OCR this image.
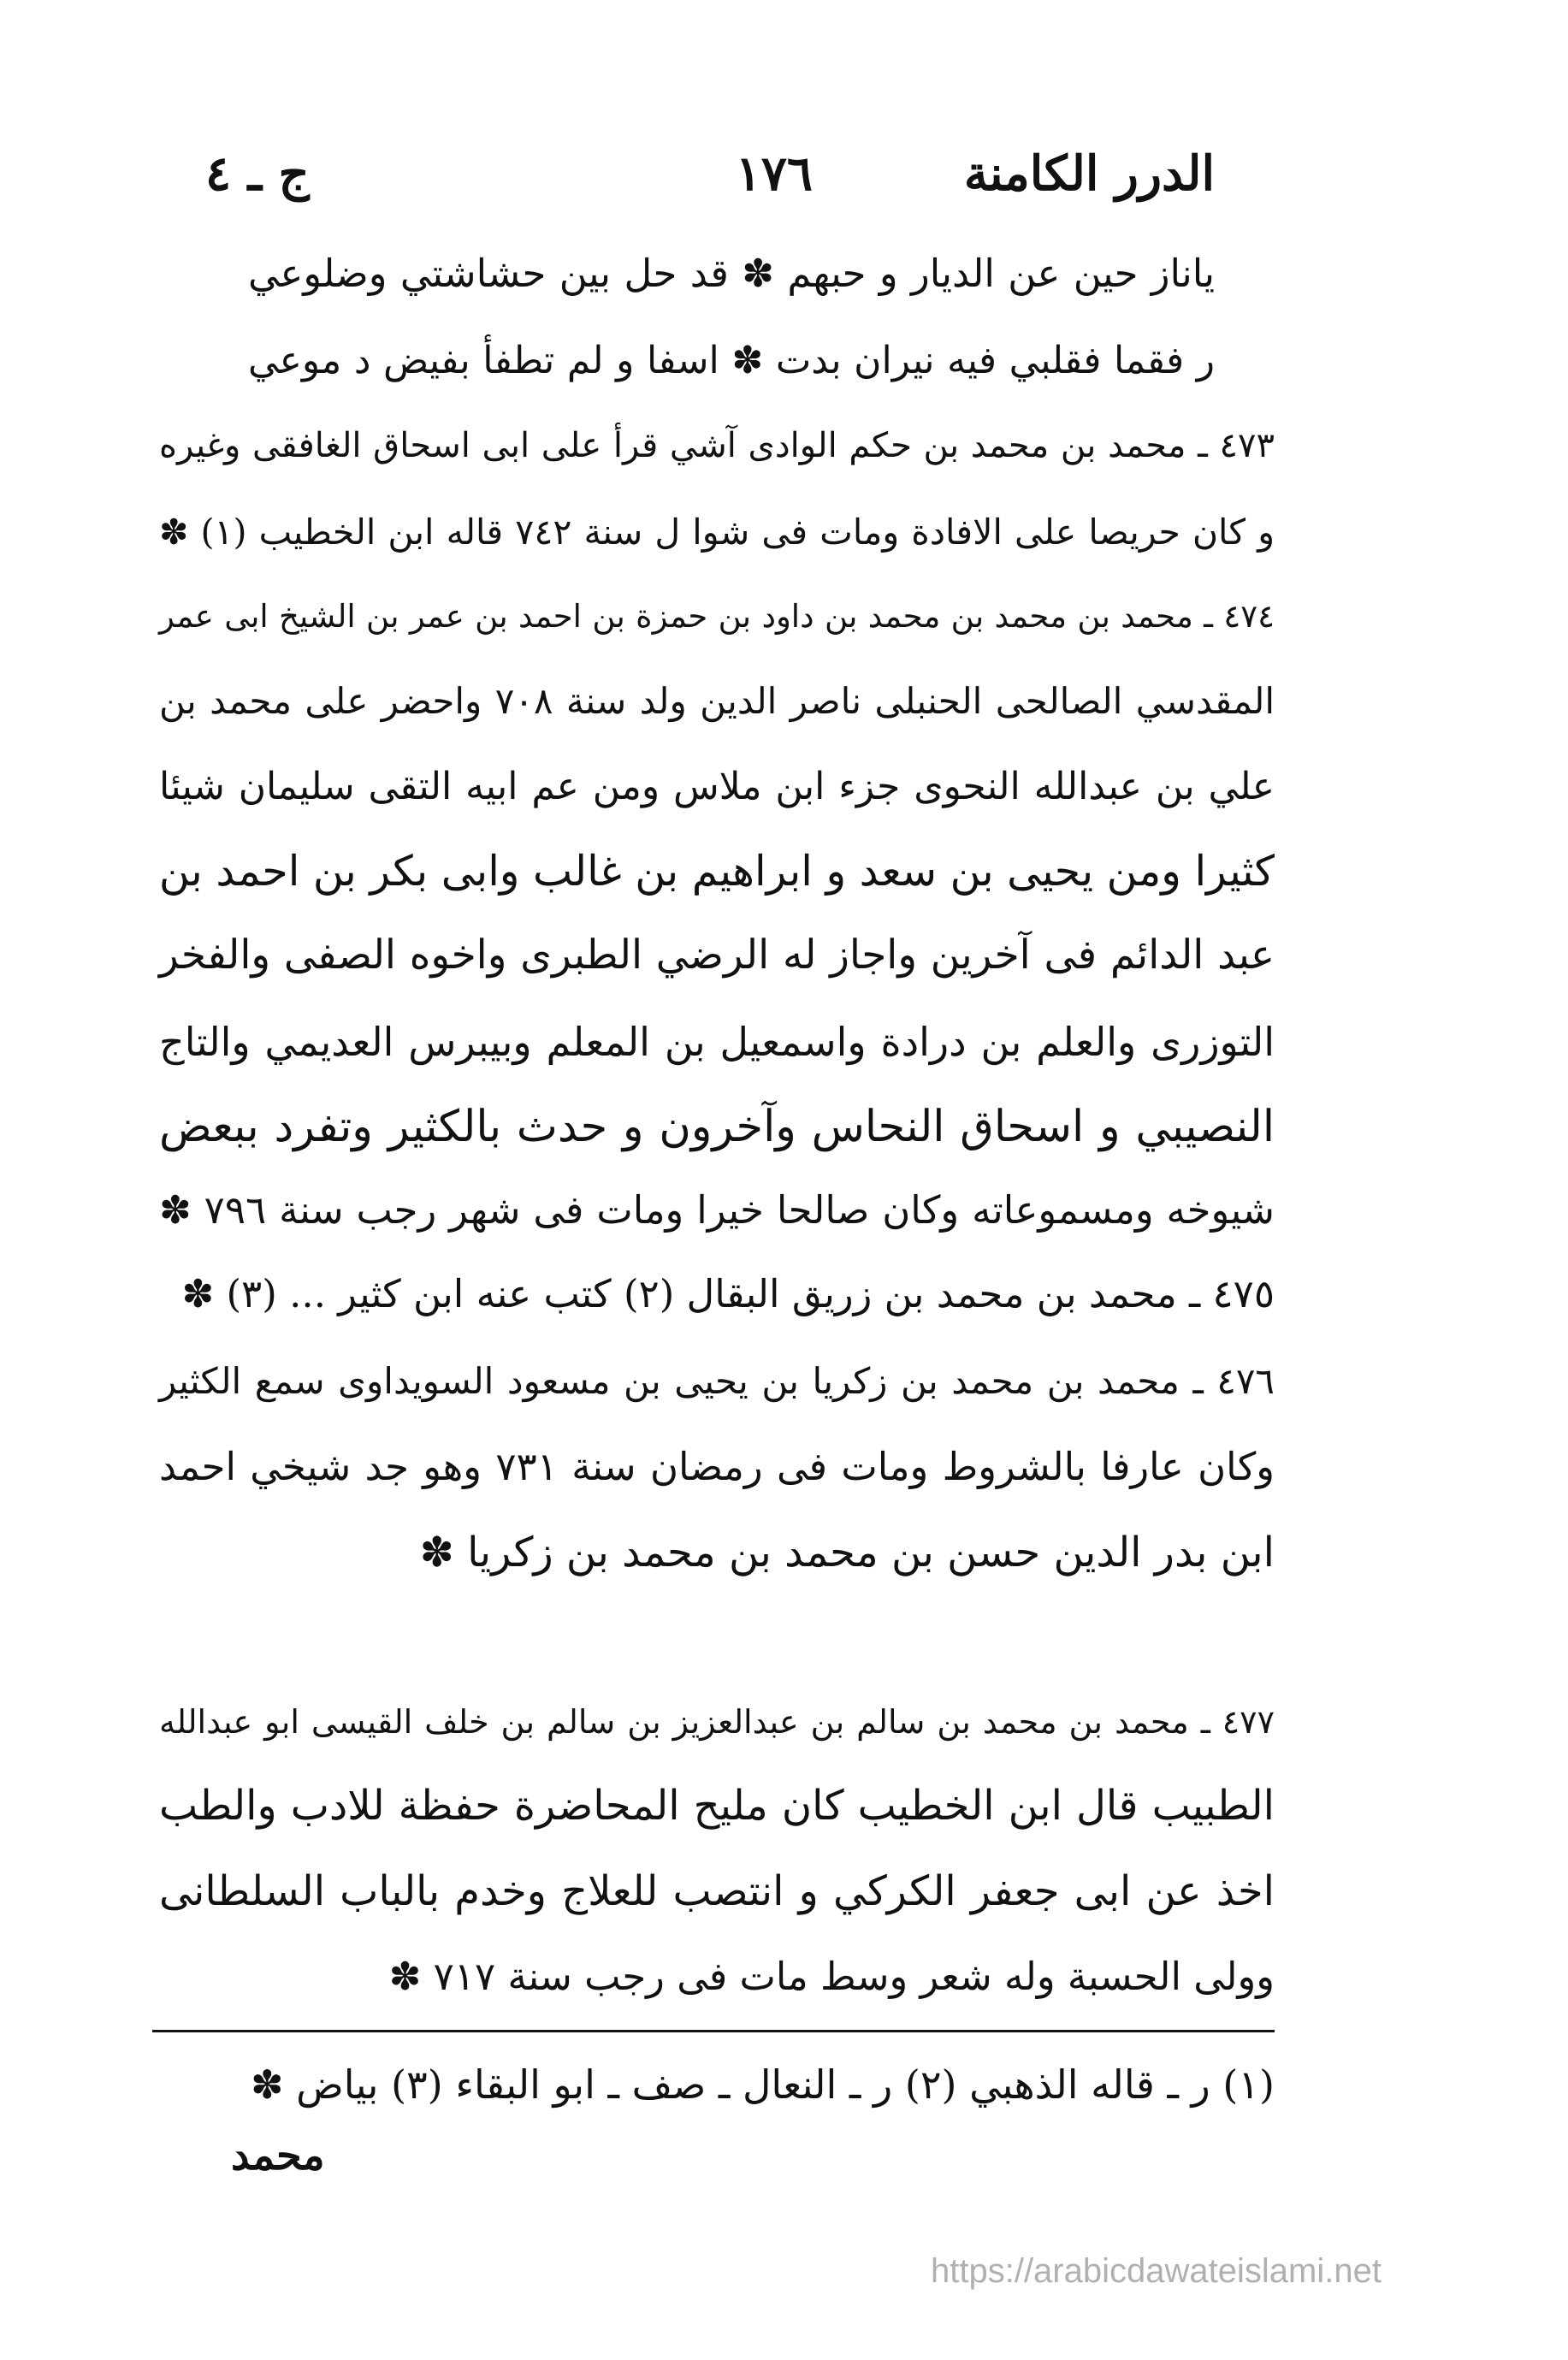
الدرر الكامنة
١٧٦
ج ـ ٤
ياناز حين عن الديار و حبهم ✽ قد حل بين حشاشتي وضلوعي
ر فقما فقلبي فيه نيران بدت ✽ اسفا و لم تطفأ بفيض د موعي
٤٧٣ ـ محمد بن محمد بن حكم الوادى آشي قرأ على ابى اسحاق الغافقى وغيره
و كان حريصا على الافادة ومات فى شوا ل سنة ٧٤٢ قاله ابن الخطيب (١) ✽
٤٧٤ ـ محمد بن محمد بن محمد بن داود بن حمزة بن احمد بن عمر بن الشيخ ابى عمر
المقدسي الصالحى الحنبلى ناصر الدين ولد سنة ٧٠٨ واحضر على محمد بن
علي بن عبدالله النحوى جزء ابن ملاس ومن عم ابيه التقى سليمان شيئا
كثيرا ومن يحيى بن سعد و ابراهيم بن غالب وابى بكر بن احمد بن
عبد الدائم فى آخرين واجاز له الرضي الطبرى واخوه الصفى والفخر
التوزرى والعلم بن درادة واسمعيل بن المعلم وبيبرس العديمي والتاج
النصيبي و اسحاق النحاس وآخرون و حدث بالكثير وتفرد ببعض
شيوخه ومسموعاته وكان صالحا خيرا ومات فى شهر رجب سنة ٧٩٦ ✽
٤٧٥ ـ محمد بن محمد بن زريق البقال (٢) كتب عنه ابن كثير ... (٣) ✽
٤٧٦ ـ محمد بن محمد بن زكريا بن يحيى بن مسعود السويداوى سمع الكثير
وكان عارفا بالشروط ومات فى رمضان سنة ٧٣١ وهو جد شيخي احمد
ابن بدر الدين حسن بن محمد بن محمد بن زكريا ✽
٤٧٧ ـ محمد بن محمد بن سالم بن عبدالعزيز بن سالم بن خلف القيسى ابو عبدالله
الطبيب قال ابن الخطيب كان مليح المحاضرة حفظة للادب والطب
اخذ عن ابى جعفر الكركي و انتصب للعلاج وخدم بالباب السلطانى
وولى الحسبة وله شعر وسط مات فى رجب سنة ٧١٧ ✽
(١) ر ـ قاله الذهبي (٢) ر ـ النعال ـ صف ـ ابو البقاء (٣) بياض ✽
محمد
https://arabicdawateislami.net
